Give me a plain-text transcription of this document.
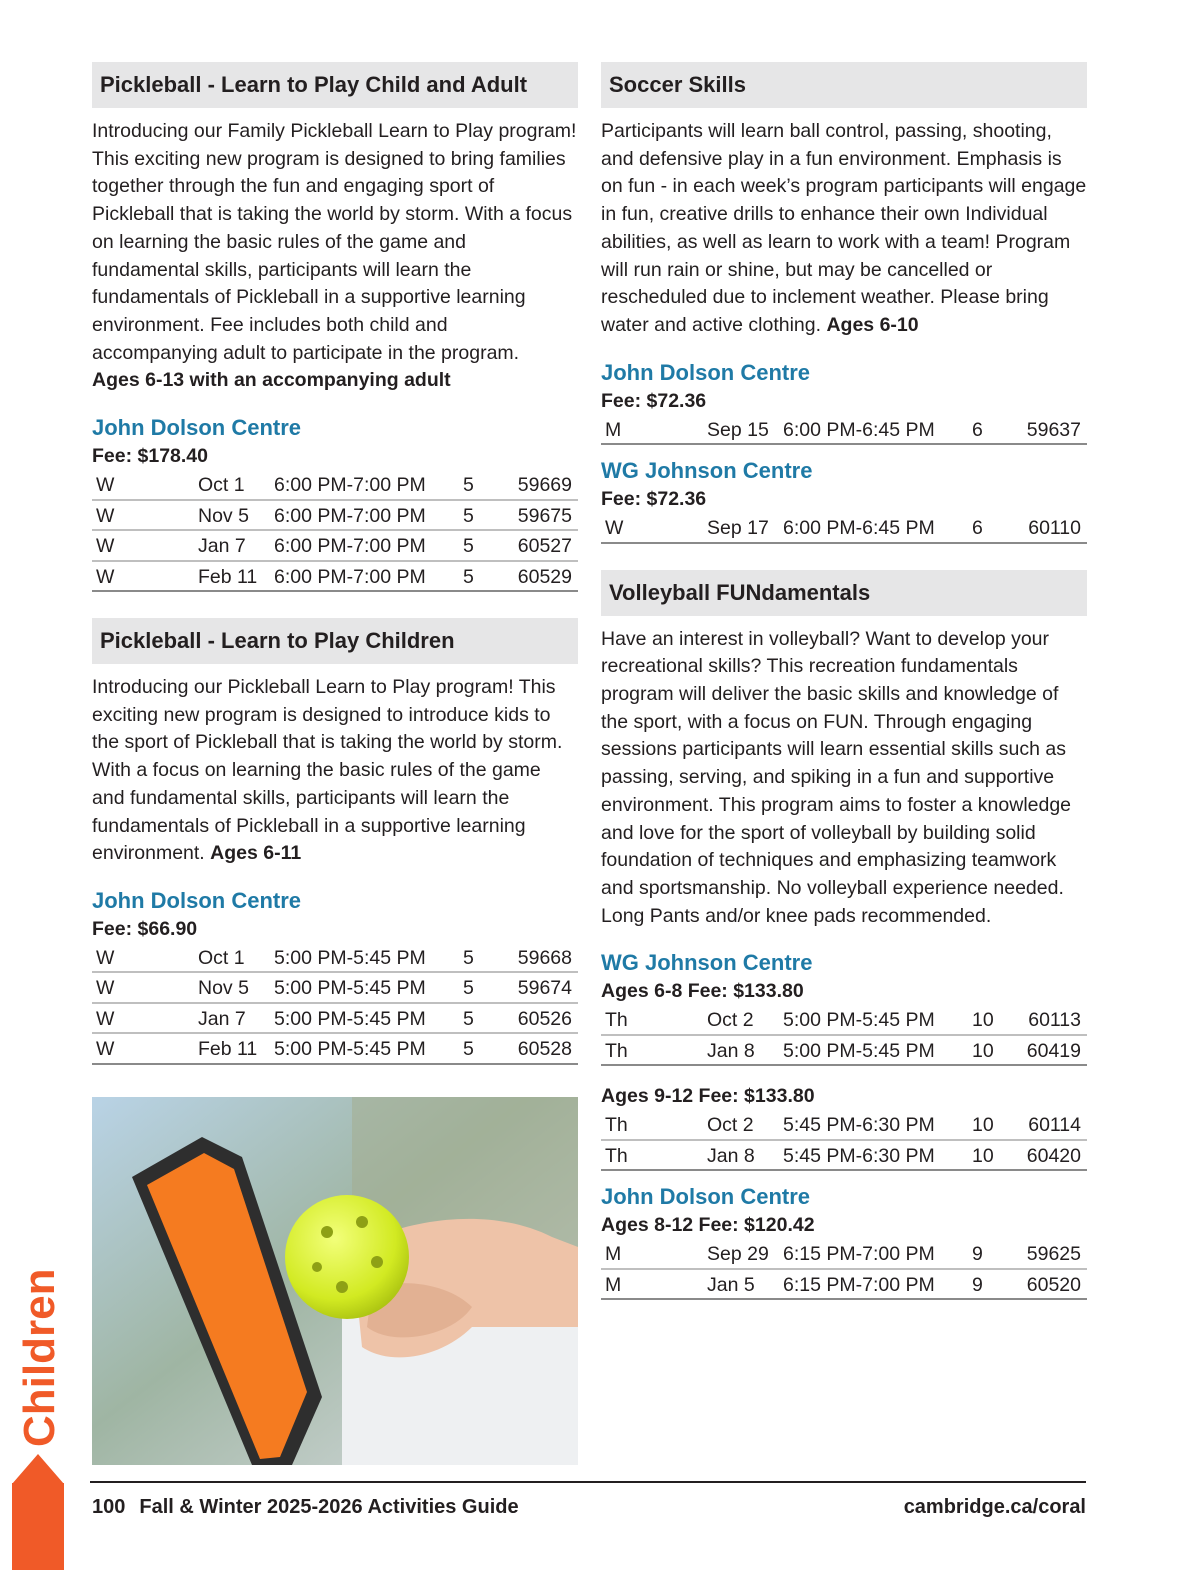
Pickleball - Learn to Play Child and Adult

Introducing our Family Pickleball Learn to Play program! This exciting new program is designed to bring families together through the fun and engaging sport of Pickleball that is taking the world by storm. With a focus on learning the basic rules of the game and fundamental skills, participants will learn the fundamentals of Pickleball in a supportive learning environment. Fee includes both child and accompanying adult to participate in the program.
Ages 6-13 with an accompanying adult

John Dolson Centre
Fee: $178.40
W	Oct 1	6:00 PM-7:00 PM	5	59669
W	Nov 5	6:00 PM-7:00 PM	5	59675
W	Jan 7	6:00 PM-7:00 PM	5	60527
W	Feb 11 6:00 PM-7:00 PM	5	60529
Pickleball - Learn to Play Children

Introducing our Pickleball Learn to Play program! This exciting new program is designed to introduce kids to the sport of Pickleball that is taking the world by storm. With a focus on learning the basic rules of the game and fundamental skills, participants will learn the fundamentals of Pickleball in a supportive learning environment. Ages 6-11

John Dolson Centre
Fee: $66.90
W	Oct 1	5:00 PM-5:45 PM	5	59668
W	Nov 5	5:00 PM-5:45 PM	5	59674
W	Jan 7	5:00 PM-5:45 PM	5	60526
W	Feb 11 5:00 PM-5:45 PM	5	60528
Soccer Skills

Participants will learn ball control, passing, shooting, and defensive play in a fun environment. Emphasis is on fun - in each week’s program participants will engage in fun, creative drills to enhance their own Individual abilities, as well as learn to work with a team! Program will run rain or shine, but may be cancelled or rescheduled due to inclement weather. Please bring water and active clothing. Ages 6-10

John Dolson Centre
Fee: $72.36
M	Sep 15 6:00 PM-6:45 PM	6	59637
WG Johnson Centre
Fee: $72.36
W	Sep 17 6:00 PM-6:45 PM	6	60110
Volleyball FUNdamentals

Have an interest in volleyball? Want to develop your recreational skills? This recreation fundamentals program will deliver the basic skills and knowledge of the sport, with a focus on FUN. Through engaging sessions participants will learn essential skills such as passing, serving, and spiking in a fun and supportive environment. This program aims to foster a knowledge and love for the sport of volleyball by building solid foundation of techniques and emphasizing teamwork and sportsmanship. No volleyball experience needed. Long Pants and/or knee pads recommended.

WG Johnson Centre
Ages 6-8 Fee: $133.80
Th	Oct 2	5:00 PM-5:45 PM	10	60113
Th	Jan 8	5:00 PM-5:45 PM	10	60419
Ages 9-12 Fee: $133.80
Th	Oct 2	5:45 PM-6:30 PM	10	60114
Th	Jan 8	5:45 PM-6:30 PM	10	60420
John Dolson Centre
Ages 8-12 Fee: $120.42
M	Sep 29 6:15 PM-7:00 PM	9	59625
M	Jan 5	6:15 PM-7:00 PM	9	60520
Children
100 Fall & Winter 2025-2026 Activities Guide	cambridge.ca/coral
